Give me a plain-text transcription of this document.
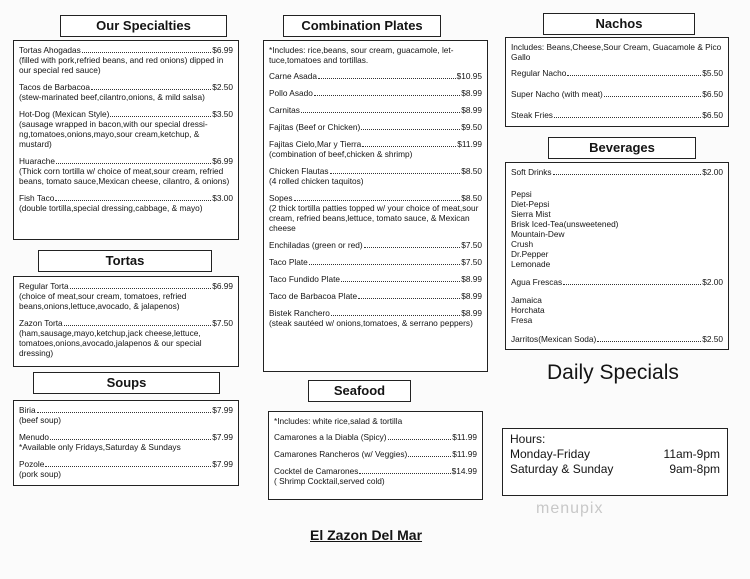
Our Specialties
Tortas Ahogadas	$6.99
(filled with pork,refried beans, and red onions) dipped in our special red sauce)
Tacos de Barbacoa	$2.50
(stew-marinated beef,cilantro,onions, & mild salsa)
Hot-Dog (Mexican Style)	$3.50
(sausage wrapped in bacon,with our special dressi-ng,tomatoes,onions,mayo,sour cream,ketchup, & mustard)
Huarache	$6.99
(Thick corn tortilla w/ choice of meat,sour cream, refried beans, tomato sauce,Mexican cheese, cilantro, & onions)
Fish Taco	$3.00
(double tortilla,special dressing,cabbage, & mayo)
Tortas
Regular Torta	$6.99
(choice of meat,sour cream, tomatoes, refried beans,onions,lettuce,avocado, & jalapenos)
Zazon Torta	$7.50
(ham,sausage,mayo,ketchup,jack cheese,lettuce, tomatoes,onions,avocado,jalapenos & our special dressing)
Soups
Biria	$7.99
(beef soup)
Menudo	$7.99
*Available only Fridays,Saturday & Sundays
Pozole	$7.99
(pork soup)
Combination Plates
*Includes: rice,beans, sour cream, guacamole, let-tuce,tomatoes and tortillas.
Carne Asada	$10.95
Pollo Asado	$8.99
Carnitas	$8.99
Fajitas (Beef or Chicken)	$9.50
Fajitas Cielo,Mar y Tierra	$11.99
(combination of beef,chicken & shrimp)
Chicken Flautas	$8.50
(4 rolled chicken taquitos)
Sopes	$8.50
(2 thick tortilla patties topped w/ your choice of meat,sour cream, refried beans,lettuce, tomato sauce, & Mexican cheese
Enchiladas (green or red)	$7.50
Taco Plate	$7.50
Taco Fundido Plate	$8.99
Taco de Barbacoa Plate	$8.99
Bistek Ranchero	$8.99
(steak sautéed w/ onions,tomatoes, & serrano peppers)
Seafood
*Includes: white rice,salad & tortilla
Camarones a la Diabla (Spicy)	$11.99
Camarones Rancheros (w/ Veggies)	$11.99
Cocktel de Camarones	$14.99
( Shrimp Cocktail,served cold)
Nachos
Includes: Beans,Cheese,Sour Cream, Guacamole & Pico Gallo
Regular Nacho	$5.50
Super Nacho (with meat)	$6.50
Steak Fries	$6.50
Beverages
Soft Drinks	$2.00
Pepsi
Diet-Pepsi
Sierra Mist
Brisk Iced-Tea(unsweetened)
Mountain-Dew
Crush
Dr.Pepper
Lemonade
Agua Frescas	$2.00
Jamaica
Horchata
Fresa
Jarritos(Mexican Soda)	$2.50
Daily Specials
Hours:
Monday-Friday	11am-9pm
Saturday & Sunday	9am-8pm
El Zazon Del Mar
menupix
